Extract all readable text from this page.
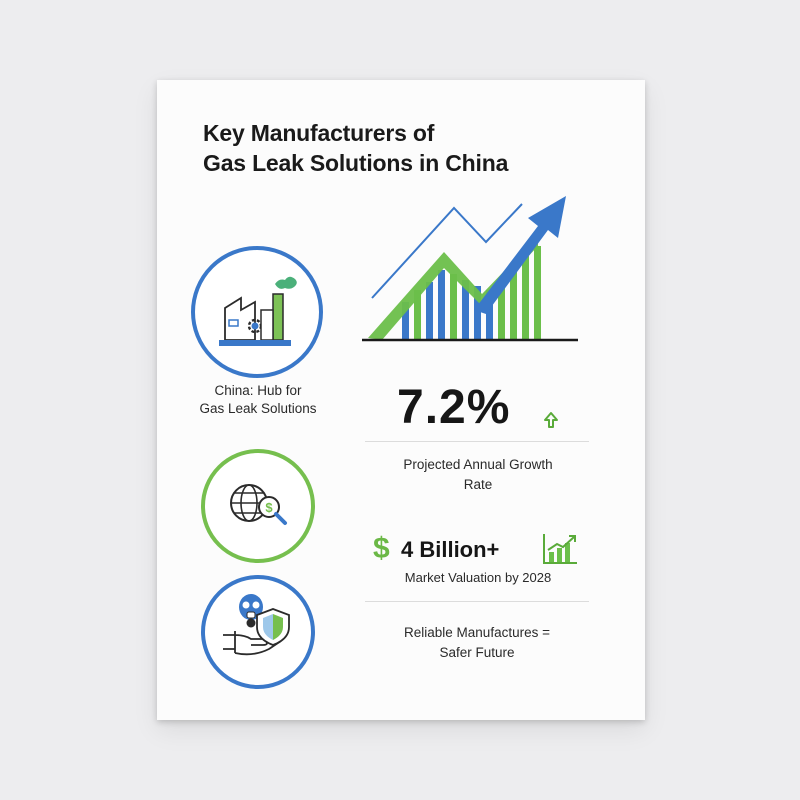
Key Manufacturers of
Gas Leak Solutions in China
China: Hub for
Gas Leak Solutions
$
7.2%
Projected Annual Growth
Rate
$ 4 Billion+
Market Valuation by 2028
Reliable Manufactures =
Safer Future
